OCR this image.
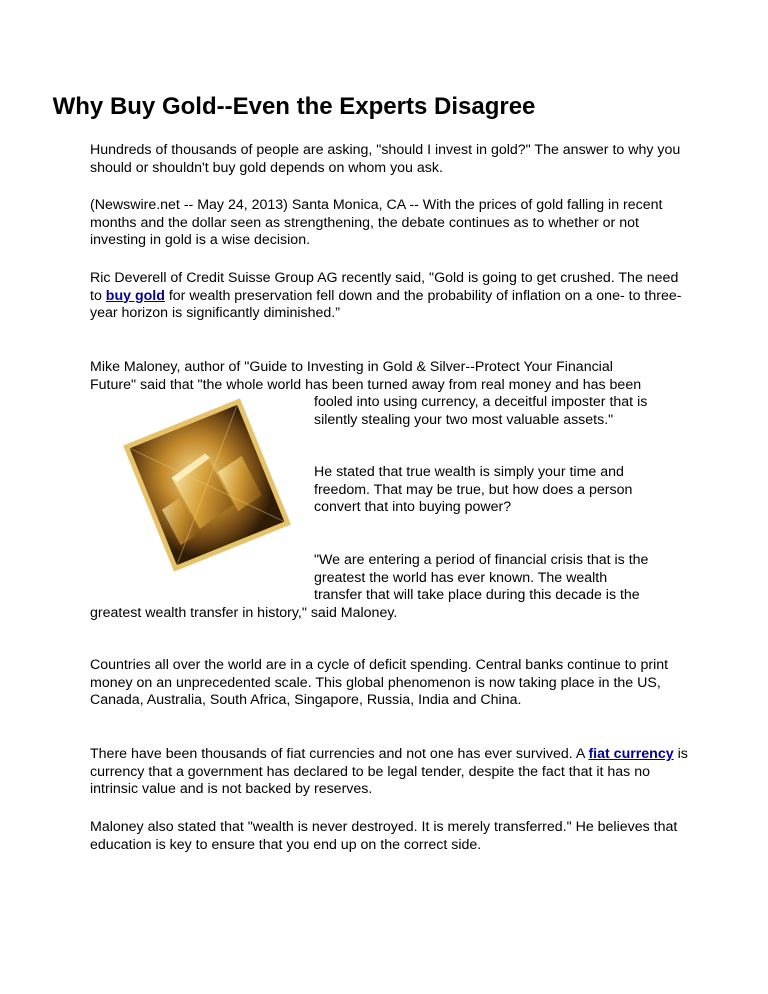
Why Buy Gold--Even the Experts Disagree

Hundreds of thousands of people are asking, "should I invest in gold?" The answer to why you should or shouldn't buy gold depends on whom you ask.

(Newswire.net -- May 24, 2013) Santa Monica, CA -- With the prices of gold falling in recent months and the dollar seen as strengthening, the debate continues as to whether or not investing in gold is a wise decision.

Ric Deverell of Credit Suisse Group AG recently said, "Gold is going to get crushed. The need to buy gold for wealth preservation fell down and the probability of inflation on a one- to three-year horizon is significantly diminished.”

Mike Maloney, author of "Guide to Investing in Gold & Silver--Protect Your Financial
Future" said that "the whole world has been turned away from real money and has been
fooled into using currency, a deceitful imposter that is
silently stealing your two most valuable assets."
He stated that true wealth is simply your time and
freedom. That may be true, but how does a person
convert that into buying power?
"We are entering a period of financial crisis that is the
greatest the world has ever known. The wealth
transfer that will take place during this decade is the
greatest wealth transfer in history," said Maloney.

Countries all over the world are in a cycle of deficit spending. Central banks continue to print money on an unprecedented scale. This global phenomenon is now taking place in the US, Canada, Australia, South Africa, Singapore, Russia, India and China.

There have been thousands of fiat currencies and not one has ever survived. A fiat currency is currency that a government has declared to be legal tender, despite the fact that it has no intrinsic value and is not backed by reserves.

Maloney also stated that "wealth is never destroyed. It is merely transferred." He believes that education is key to ensure that you end up on the correct side.
